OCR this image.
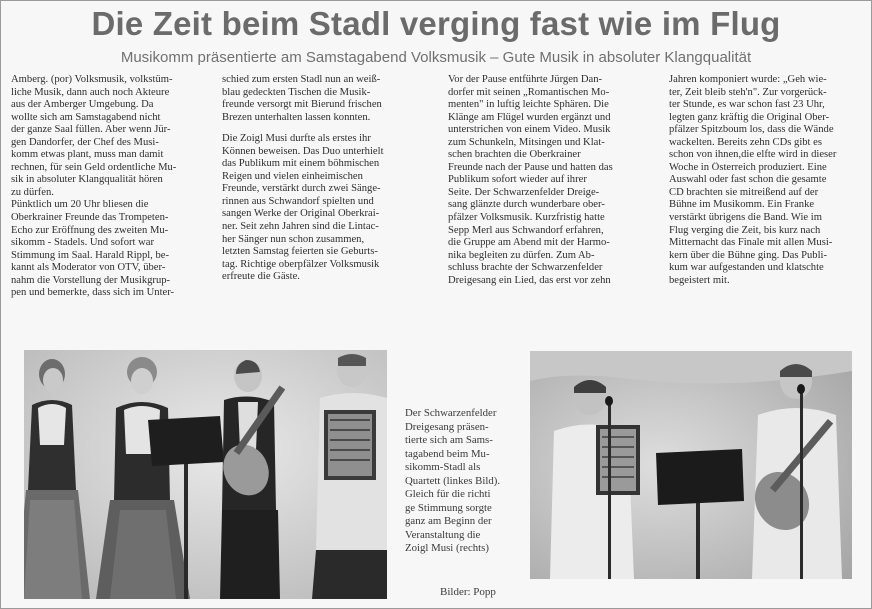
Die Zeit beim Stadl verging fast wie im Flug
Musikomm präsentierte am Samstagabend Volksmusik – Gute Musik in absoluter Klangqualität
Amberg. (por) Volksmusik, volkstüm-
liche Musik, dann auch noch Akteure
aus der Amberger Umgebung. Da
wollte sich am Samstagabend nicht
der ganze Saal füllen. Aber wenn Jür-
gen Dandorfer, der Chef des Musi-
komm etwas plant, muss man damit
rechnen, für sein Geld ordentliche Mu-
sik in absoluter Klangqualität hören
zu dürfen.
Pünktlich um 20 Uhr bliesen die
Oberkrainer Freunde das Trompeten-
Echo zur Eröffnung des zweiten Mu-
sikomm - Stadels. Und sofort war
Stimmung im Saal. Harald Rippl, be-
kannt als Moderator von OTV, über-
nahm die Vorstellung der Musikgrup-
pen und bemerkte, dass sich im Unter-
schied zum ersten Stadl nun an weiß-
blau gedeckten Tischen die Musik-
freunde versorgt mit Bierund frischen
Brezen unterhalten lassen konnten.
Die Zoigl Musi durfte als erstes ihr
Können beweisen. Das Duo unterhielt
das Publikum mit einem böhmischen
Reigen und vielen einheimischen
Freunde, verstärkt durch zwei Sänge-
rinnen aus Schwandorf spielten und
sangen Werke der Original Oberkrai-
ner. Seit zehn Jahren sind die Lintaс-
her Sänger nun schon zusammen,
letzten Samstag feierten sie Geburts-
tag. Richtige oberpfälzer Volksmusik
erfreute die Gäste.
Vor der Pause entführte Jürgen Dan-
dorfer mit seinen „Romantischen Mo-
menten" in luftig leichte Sphären. Die
Klänge am Flügel wurden ergänzt und
unterstrichen von einem Video. Musik
zum Schunkeln, Mitsingen und Klat-
schen brachten die Oberkrainer
Freunde nach der Pause und hatten das
Publikum sofort wieder auf ihrer
Seite. Der Schwarzenfelder Dreige-
sang glänzte durch wunderbare ober-
pfälzer Volksmusik. Kurzfristig hatte
Sepp Merl aus Schwandorf erfahren,
die Gruppe am Abend mit der Harmo-
nika begleiten zu dürfen. Zum Ab-
schluss brachte der Schwarzenfelder
Dreigesang ein Lied, das erst vor zehn
Jahren komponiert wurde: „Geh wie-
ter, Zeit bleib steh'n". Zur vorgerück-
ter Stunde, es war schon fast 23 Uhr,
legten ganz kräftig die Original Ober-
pfälzer Spitzboum los, dass die Wände
wackelten. Bereits zehn CDs gibt es
schon von ihnen,die elfte wird in dieser
Woche in Österreich produziert. Eine
Auswahl oder fast schon die gesamte
CD brachten sie mitreißend auf der
Bühne im Musikomm. Ein Franke
verstärkt übrigens die Band. Wie im
Flug verging die Zeit, bis kurz nach
Mitternacht das Finale mit allen Musi-
kern über die Bühne ging. Das Publi-
kum war aufgestanden und klatschte
begeistert mit.
Der Schwarzenfelder
Dreigesang präsen-
tierte sich am Sams-
tagabend beim Mu-
sikomm-Stadl als
Quartett (linkes Bild).
Gleich für die richti
ge Stimmung sorgte
ganz am Beginn der
Veranstaltung die
Zoigl Musi (rechts)
Bilder: Popp
